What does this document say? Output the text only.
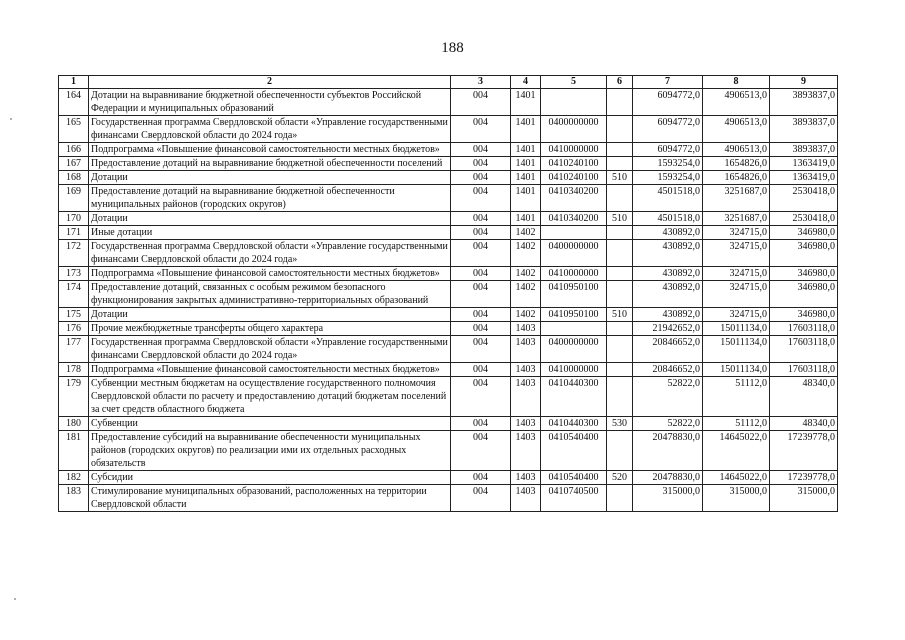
188
1	2	3	4	5	6	7	8	9
164	Дотации на выравнивание бюджетной обеспеченности субъектов Российской Федерации и муниципальных образований	004	1401			6094772,0	4906513,0	3893837,0
165	Государственная программа Свердловской области «Управление государственными финансами Свердловской области до 2024 года»	004	1401	0400000000		6094772,0	4906513,0	3893837,0
166	Подпрограмма «Повышение финансовой самостоятельности местных бюджетов»	004	1401	0410000000		6094772,0	4906513,0	3893837,0
167	Предоставление дотаций на выравнивание бюджетной обеспеченности поселений	004	1401	0410240100		1593254,0	1654826,0	1363419,0
168	Дотации	004	1401	0410240100	510	1593254,0	1654826,0	1363419,0
169	Предоставление дотаций на выравнивание бюджетной обеспеченности муниципальных районов (городских округов)	004	1401	0410340200		4501518,0	3251687,0	2530418,0
170	Дотации	004	1401	0410340200	510	4501518,0	3251687,0	2530418,0
171	Иные дотации	004	1402			430892,0	324715,0	346980,0
172	Государственная программа Свердловской области «Управление государственными финансами Свердловской области до 2024 года»	004	1402	0400000000		430892,0	324715,0	346980,0
173	Подпрограмма «Повышение финансовой самостоятельности местных бюджетов»	004	1402	0410000000		430892,0	324715,0	346980,0
174	Предоставление дотаций, связанных с особым режимом безопасного функционирования закрытых административно-территориальных образований	004	1402	0410950100		430892,0	324715,0	346980,0
175	Дотации	004	1402	0410950100	510	430892,0	324715,0	346980,0
176	Прочие межбюджетные трансферты общего характера	004	1403			21942652,0	15011134,0	17603118,0
177	Государственная программа Свердловской области «Управление государственными финансами Свердловской области до 2024 года»	004	1403	0400000000		20846652,0	15011134,0	17603118,0
178	Подпрограмма «Повышение финансовой самостоятельности местных бюджетов»	004	1403	0410000000		20846652,0	15011134,0	17603118,0
179	Субвенции местным бюджетам на осуществление государственного полномочия Свердловской области по расчету и предоставлению дотаций бюджетам поселений за счет средств областного бюджета	004	1403	0410440300		52822,0	51112,0	48340,0
180	Субвенции	004	1403	0410440300	530	52822,0	51112,0	48340,0
181	Предоставление субсидий на выравнивание обеспеченности муниципальных районов (городских округов) по реализации ими их отдельных расходных обязательств	004	1403	0410540400		20478830,0	14645022,0	17239778,0
182	Субсидии	004	1403	0410540400	520	20478830,0	14645022,0	17239778,0
183	Стимулирование муниципальных образований, расположенных на территории Свердловской области	004	1403	0410740500		315000,0	315000,0	315000,0
